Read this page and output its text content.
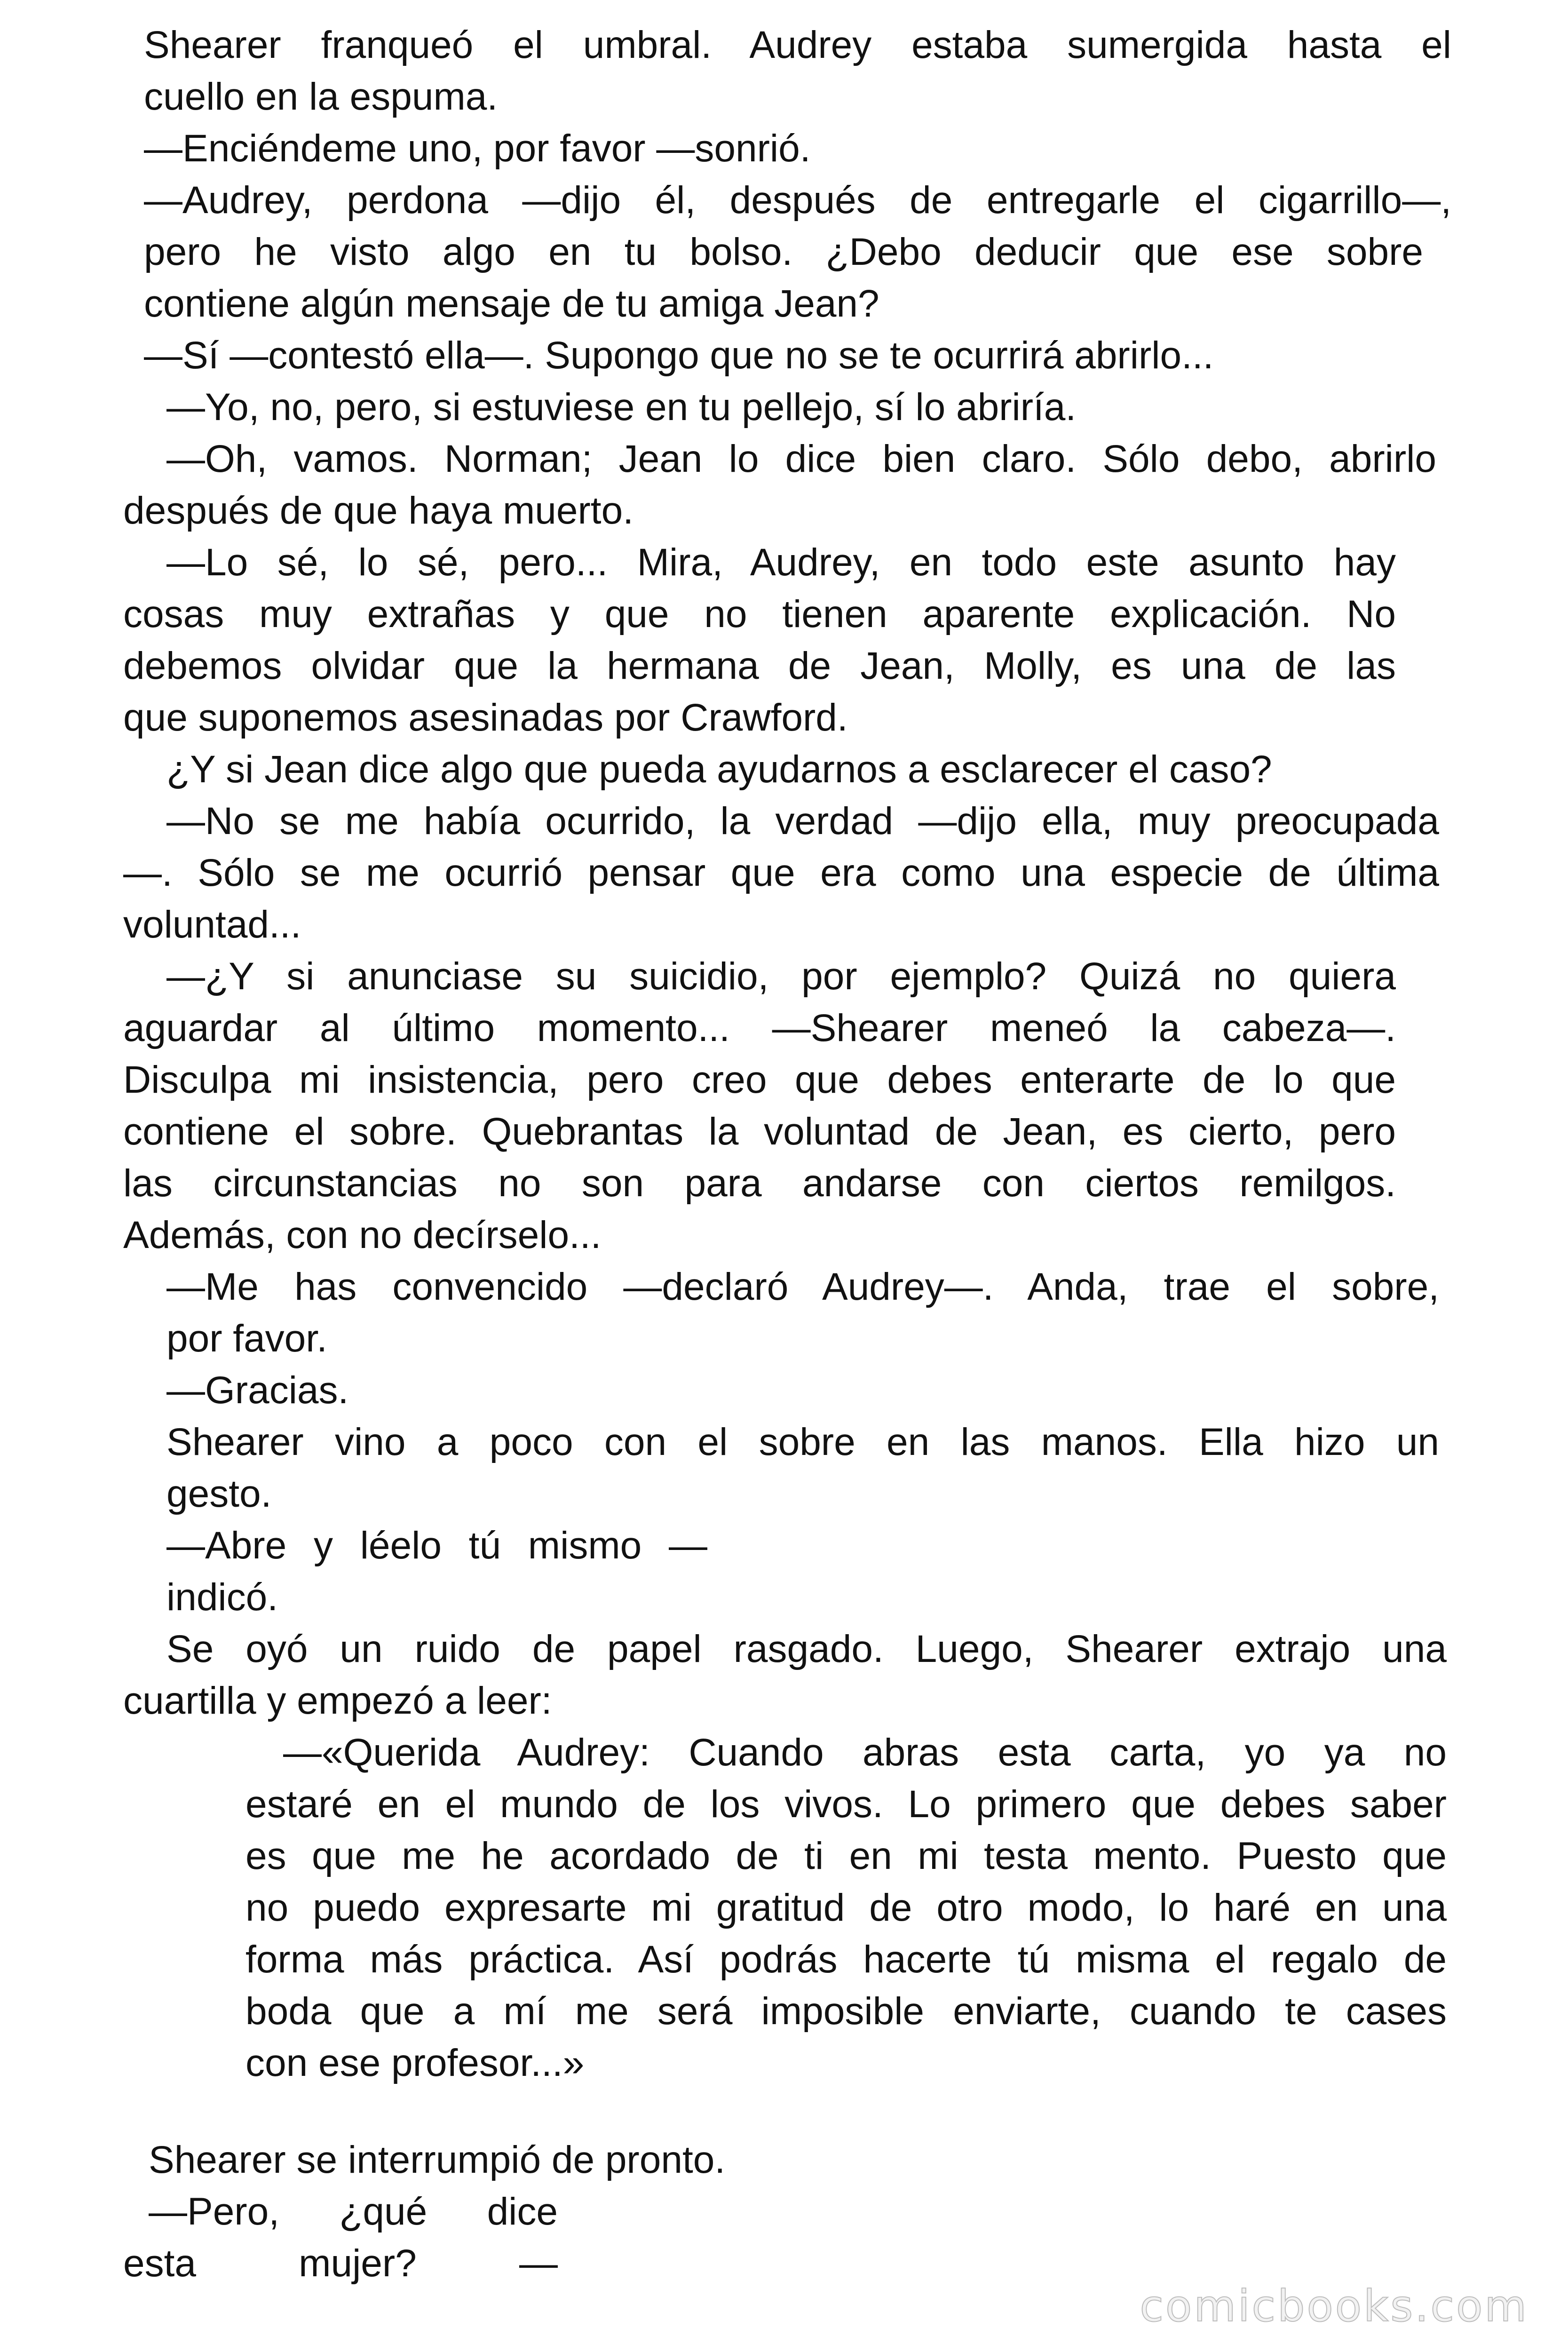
Shearer franqueó el umbral. Audrey estaba sumergida hasta el
cuello en la espuma.
—Enciéndeme uno, por favor —sonrió.
—Audrey, perdona —dijo él, después de entregarle el cigarrillo—,
pero he visto algo en tu bolso. ¿Debo deducir que ese sobre
contiene algún mensaje de tu amiga Jean?
—Sí —contestó ella—. Supongo que no se te ocurrirá abrirlo...
—Yo, no, pero, si estuviese en tu pellejo, sí lo abriría.
—Oh, vamos. Norman; Jean lo dice bien claro. Sólo debo, abrirlo
después de que haya muerto.
—Lo sé, lo sé, pero... Mira, Audrey, en todo este asunto hay
cosas muy extrañas y que no tienen aparente explicación. No
debemos olvidar que la hermana de Jean, Molly, es una de las
que suponemos asesinadas por Crawford.
¿Y si Jean dice algo que pueda ayudarnos a esclarecer el caso?
—No se me había ocurrido, la verdad —dijo ella, muy preocupada
—. Sólo se me ocurrió pensar que era como una especie de última
voluntad...
—¿Y si anunciase su suicidio, por ejemplo? Quizá no quiera
aguardar al último momento... —Shearer meneó la cabeza—.
Disculpa mi insistencia, pero creo que debes enterarte de lo que
contiene el sobre. Quebrantas la voluntad de Jean, es cierto, pero
las circunstancias no son para andarse con ciertos remilgos.
Además, con no decírselo...
—Me has convencido —declaró Audrey—. Anda, trae el sobre,
por favor.
—Gracias.
Shearer vino a poco con el sobre en las manos. Ella hizo un
gesto.
—Abre y léelo tú mismo —
indicó.
Se oyó un ruido de papel rasgado. Luego, Shearer extrajo una
cuartilla y empezó a leer:
—«Querida Audrey: Cuando abras esta carta, yo ya no
estaré en el mundo de los vivos. Lo primero que debes saber
es que me he acordado de ti en mi testa mento. Puesto que
no puedo expresarte mi gratitud de otro modo, lo haré en una
forma más práctica. Así podrás hacerte tú misma el regalo de
boda que a mí me será imposible enviarte, cuando te cases
con ese profesor...»
Shearer se interrumpió de pronto.
—Pero, ¿qué dice
esta mujer? —
comicbooks.com
